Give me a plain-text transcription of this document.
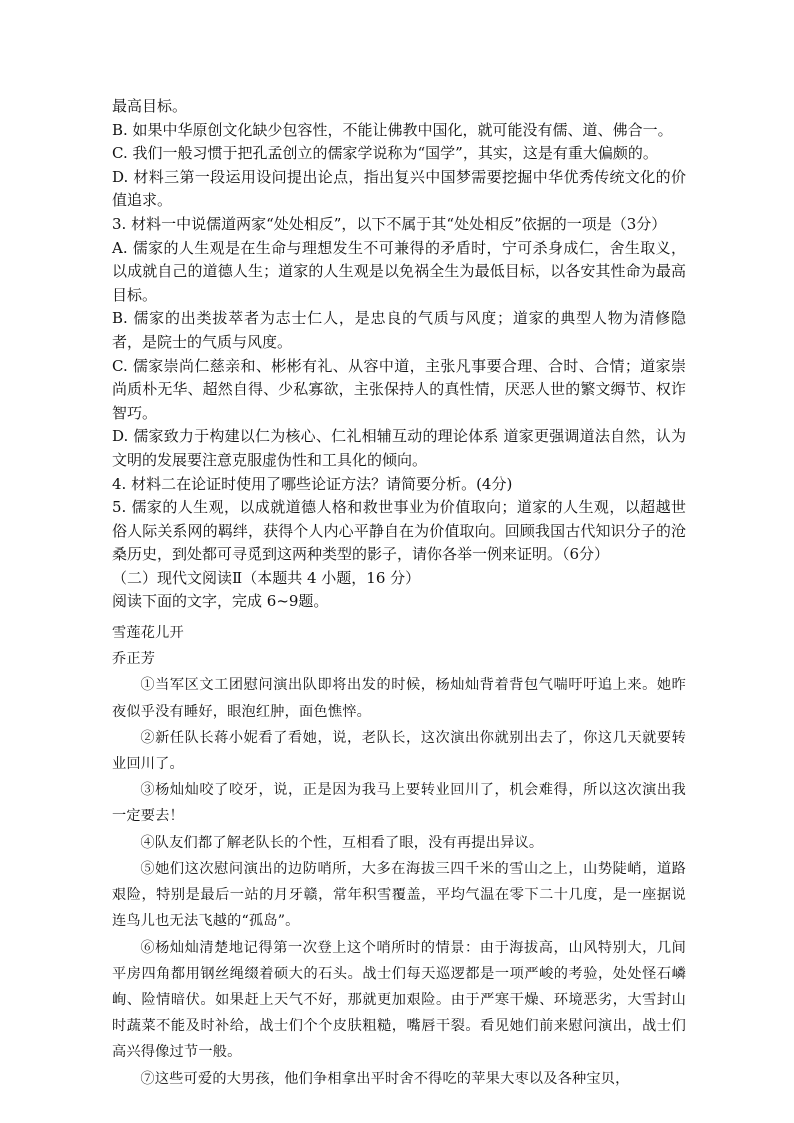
最高目标。

B. 如果中华原创文化缺少包容性，不能让佛教中国化，就可能没有儒、道、佛合一。

C. 我们一般习惯于把孔孟创立的儒家学说称为“国学”，其实，这是有重大偏颇的。

D. 材料三第一段运用设问提出论点，指出复兴中国梦需要挖掘中华优秀传统文化的价值追求。

3. 材料一中说儒道两家“处处相反”，以下不属于其“处处相反”依据的一项是（3分）

A. 儒家的人生观是在生命与理想发生不可兼得的矛盾时，宁可杀身成仁，舍生取义，以成就自己的道德人生；道家的人生观是以免祸全生为最低目标，以各安其性命为最高目标。

B. 儒家的出类拔萃者为志士仁人，是忠良的气质与风度；道家的典型人物为清修隐者，是院士的气质与风度。

C. 儒家崇尚仁慈亲和、彬彬有礼、从容中道，主张凡事要合理、合时、合情；道家崇尚质朴无华、超然自得、少私寡欲，主张保持人的真性情，厌恶人世的繁文缛节、权诈智巧。

D. 儒家致力于构建以仁为核心、仁礼相辅互动的理论体系 道家更强调道法自然，认为文明的发展要注意克服虚伪性和工具化的倾向。

4. 材料二在论证时使用了哪些论证方法？请简要分析。(4分)

5. 儒家的人生观，以成就道德人格和救世事业为价值取向；道家的人生观，以超越世俗人际关系网的羁绊，获得个人内心平静自在为价值取向。回顾我国古代知识分子的沧桑历史，到处都可寻觅到这两种类型的影子，请你各举一例来证明。（6分）

（二）现代文阅读Ⅱ（本题共 4 小题，16 分）

阅读下面的文字，完成 6~9题。

雪莲花儿开

乔正芳

①当军区文工团慰问演出队即将出发的时候，杨灿灿背着背包气喘吁吁追上来。她昨夜似乎没有睡好，眼泡红肿，面色憔悴。

②新任队长蒋小妮看了看她，说，老队长，这次演出你就别出去了，你这几天就要转业回川了。

③杨灿灿咬了咬牙，说，正是因为我马上要转业回川了，机会难得，所以这次演出我一定要去！

④队友们都了解老队长的个性，互相看了眼，没有再提出异议。

⑤她们这次慰问演出的边防哨所，大多在海拔三四千米的雪山之上，山势陡峭，道路艰险，特别是最后一站的月牙赣，常年积雪覆盖，平均气温在零下二十几度，是一座据说连鸟儿也无法飞越的“孤岛”。

⑥杨灿灿清楚地记得第一次登上这个哨所时的情景：由于海拔高，山风特别大，几间平房四角都用钢丝绳缀着硕大的石头。战士们每天巡逻都是一项严峻的考验，处处怪石嶙峋、险情暗伏。如果赶上天气不好，那就更加艰险。由于严寒干燥、环境恶劣，大雪封山时蔬菜不能及时补给，战士们个个皮肤粗糙，嘴唇干裂。看见她们前来慰问演出，战士们高兴得像过节一般。

⑦这些可爱的大男孩，他们争相拿出平时舍不得吃的苹果大枣以及各种宝贝，
